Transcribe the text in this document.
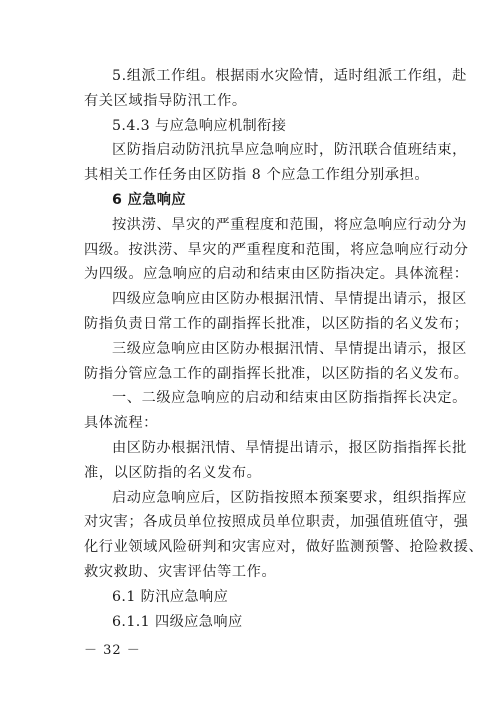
5.组派工作组。根据雨水灾险情，适时组派工作组，赴
有关区域指导防汛工作。
5.4.3 与应急响应机制衔接
区防指启动防汛抗旱应急响应时，防汛联合值班结束，
其相关工作任务由区防指 8 个应急工作组分别承担。
6 应急响应
按洪涝、旱灾的严重程度和范围，将应急响应行动分为
四级。按洪涝、旱灾的严重程度和范围，将应急响应行动分
为四级。应急响应的启动和结束由区防指决定。具体流程：
四级应急响应由区防办根据汛情、旱情提出请示，报区
防指负责日常工作的副指挥长批准，以区防指的名义发布；
三级应急响应由区防办根据汛情、旱情提出请示，报区
防指分管应急工作的副指挥长批准，以区防指的名义发布。
一、二级应急响应的启动和结束由区防指指挥长决定。
具体流程：
由区防办根据汛情、旱情提出请示，报区防指指挥长批
准，以区防指的名义发布。
启动应急响应后，区防指按照本预案要求，组织指挥应
对灾害；各成员单位按照成员单位职责，加强值班值守，强
化行业领域风险研判和灾害应对，做好监测预警、抢险救援、
救灾救助、灾害评估等工作。
6.1 防汛应急响应
6.1.1 四级应急响应
－ 32 －
